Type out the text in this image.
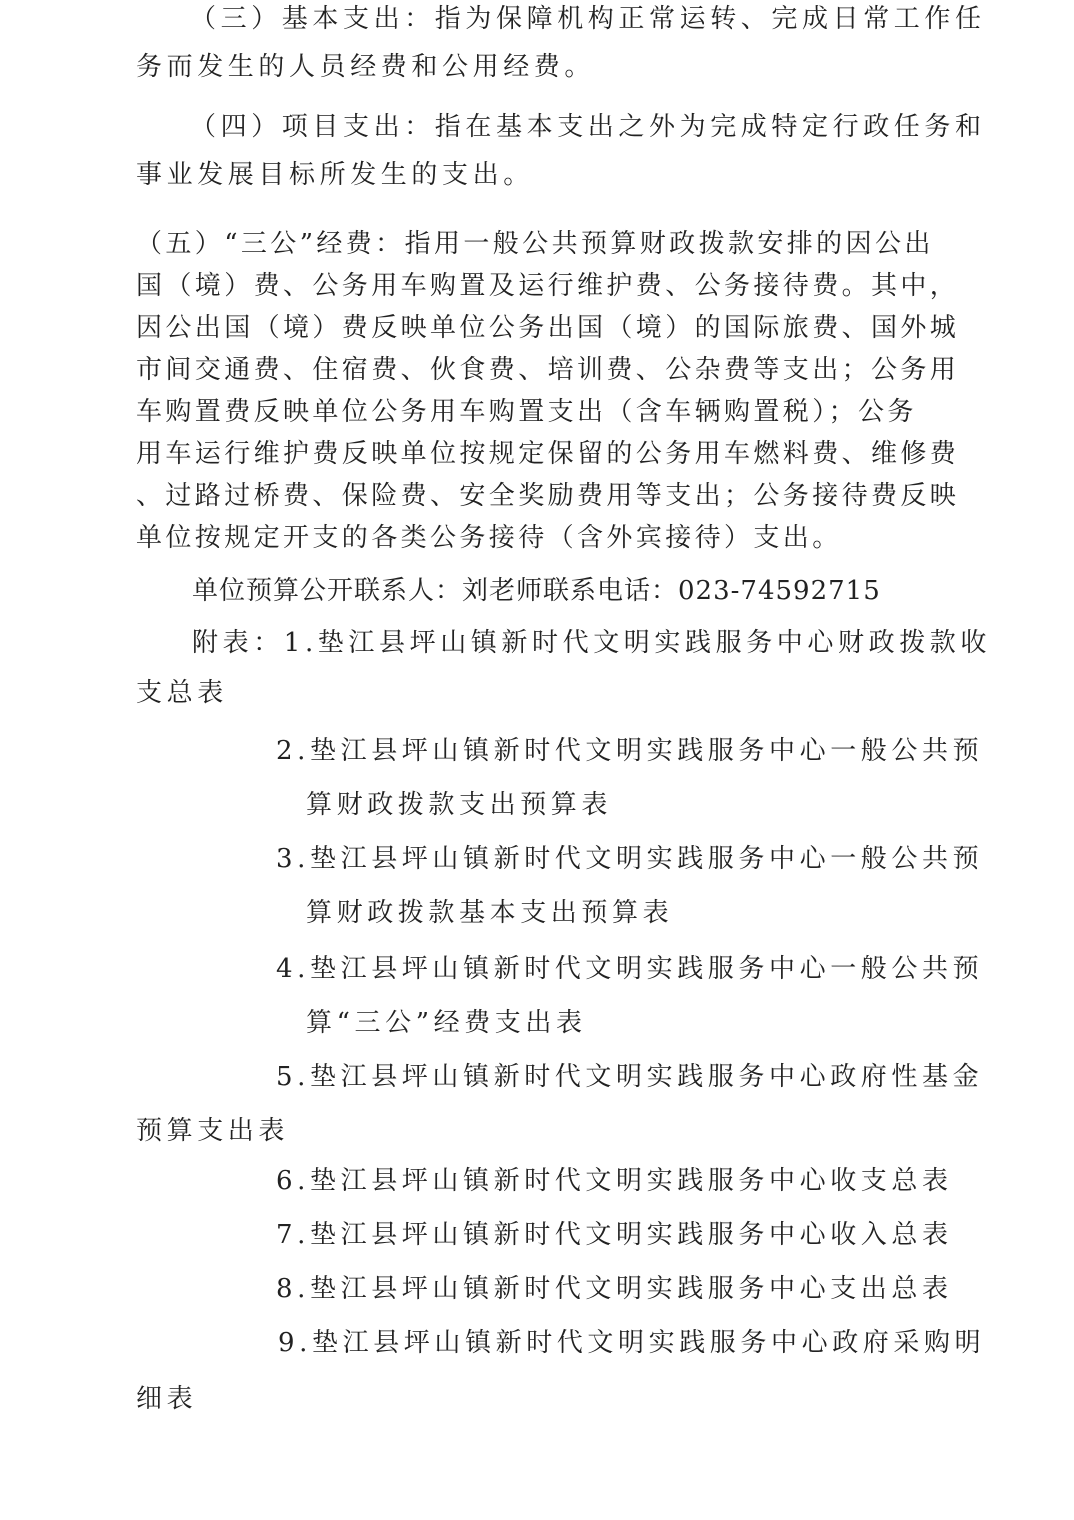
（三）基本支出：指为保障机构正常运转、完成日常工作任
务而发生的人员经费和公用经费。
（四）项目支出：指在基本支出之外为完成特定行政任务和
事业发展目标所发生的支出。
（五）“三公”经费：指用一般公共预算财政拨款安排的因公出
国（境）费、公务用车购置及运行维护费、公务接待费。其中，
因公出国（境）费反映单位公务出国（境）的国际旅费、国外城
市间交通费、住宿费、伙食费、培训费、公杂费等支出；公务用
车购置费反映单位公务用车购置支出（含车辆购置税）；公务
用车运行维护费反映单位按规定保留的公务用车燃料费、维修费
、过路过桥费、保险费、安全奖励费用等支出；公务接待费反映
单位按规定开支的各类公务接待（含外宾接待）支出。
单位预算公开联系人：刘老师联系电话：023-74592715
附表：1.垫江县坪山镇新时代文明实践服务中心财政拨款收
支总表
2.垫江县坪山镇新时代文明实践服务中心一般公共预
算财政拨款支出预算表
3.垫江县坪山镇新时代文明实践服务中心一般公共预
算财政拨款基本支出预算表
4.垫江县坪山镇新时代文明实践服务中心一般公共预
算“三公”经费支出表
5.垫江县坪山镇新时代文明实践服务中心政府性基金
预算支出表
6.垫江县坪山镇新时代文明实践服务中心收支总表
7.垫江县坪山镇新时代文明实践服务中心收入总表
8.垫江县坪山镇新时代文明实践服务中心支出总表
9.垫江县坪山镇新时代文明实践服务中心政府采购明
细表
